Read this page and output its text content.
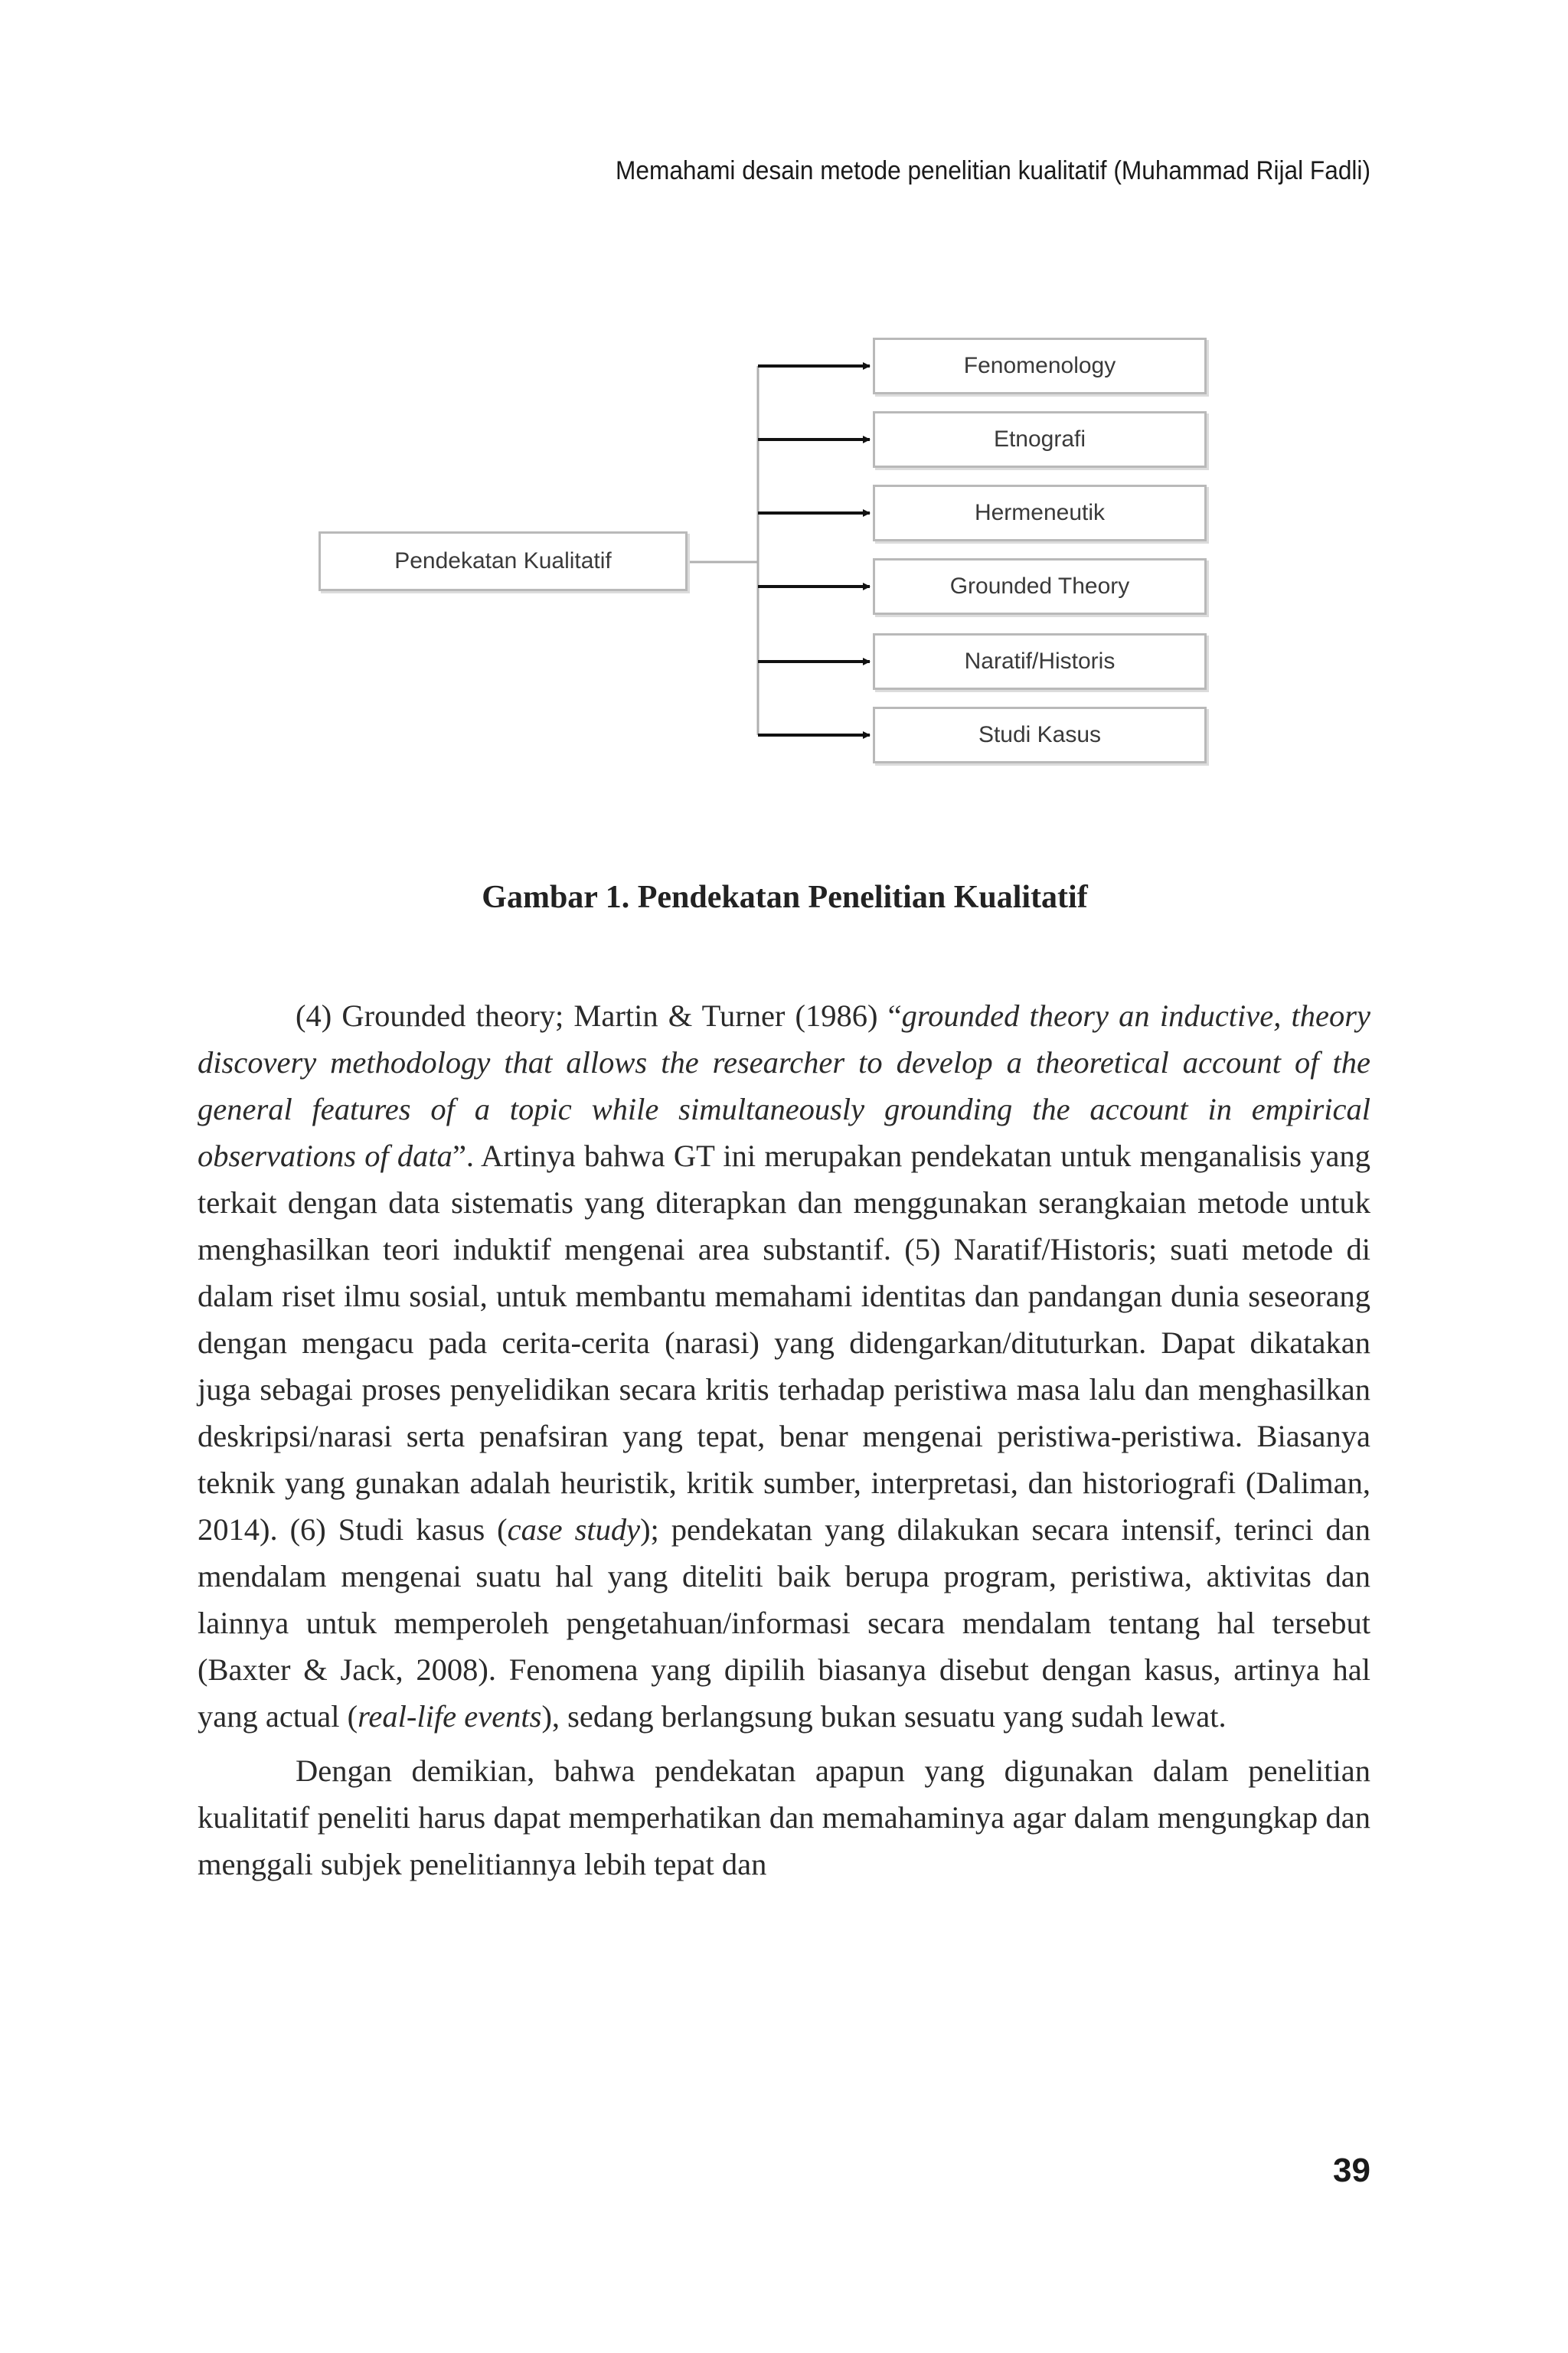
Memahami desain metode penelitian kualitatif (Muhammad Rijal Fadli)
Pendekatan Kualitatif
Fenomenology
Etnografi
Hermeneutik
Grounded Theory
Naratif/Historis
Studi Kasus
Gambar 1. Pendekatan Penelitian Kualitatif

(4) Grounded theory; Martin & Turner (1986) “grounded theory an inductive, theory discovery methodology that allows the researcher to develop a theoretical account of the general features of a topic while simultaneously grounding the account in empirical observations of data”. Artinya bahwa GT ini merupakan pendekatan untuk menganalisis yang terkait dengan data sistematis yang diterapkan dan menggunakan serangkaian metode untuk menghasilkan teori induktif mengenai area substantif. (5) Naratif/Historis; suati metode di dalam riset ilmu sosial, untuk membantu memahami identitas dan pandangan dunia seseorang dengan mengacu pada cerita-cerita (narasi) yang didengarkan/dituturkan. Dapat dikatakan juga sebagai proses penyelidikan secara kritis terhadap peristiwa masa lalu dan menghasilkan deskripsi/narasi serta penafsiran yang tepat, benar mengenai peristiwa-peristiwa. Biasanya teknik yang gunakan adalah heuristik, kritik sumber, interpretasi, dan historiografi (Daliman, 2014). (6) Studi kasus (case study); pendekatan yang dilakukan secara intensif, terinci dan mendalam mengenai suatu hal yang diteliti baik berupa program, peristiwa, aktivitas dan lainnya untuk memperoleh pengetahuan/informasi secara mendalam tentang hal tersebut (Baxter & Jack, 2008). Fenomena yang dipilih biasanya disebut dengan kasus, artinya hal yang actual (real-life events), sedang berlangsung bukan sesuatu yang sudah lewat.

Dengan demikian, bahwa pendekatan apapun yang digunakan dalam penelitian kualitatif peneliti harus dapat memperhatikan dan memahaminya agar dalam mengungkap dan menggali subjek penelitiannya lebih tepat dan

39
